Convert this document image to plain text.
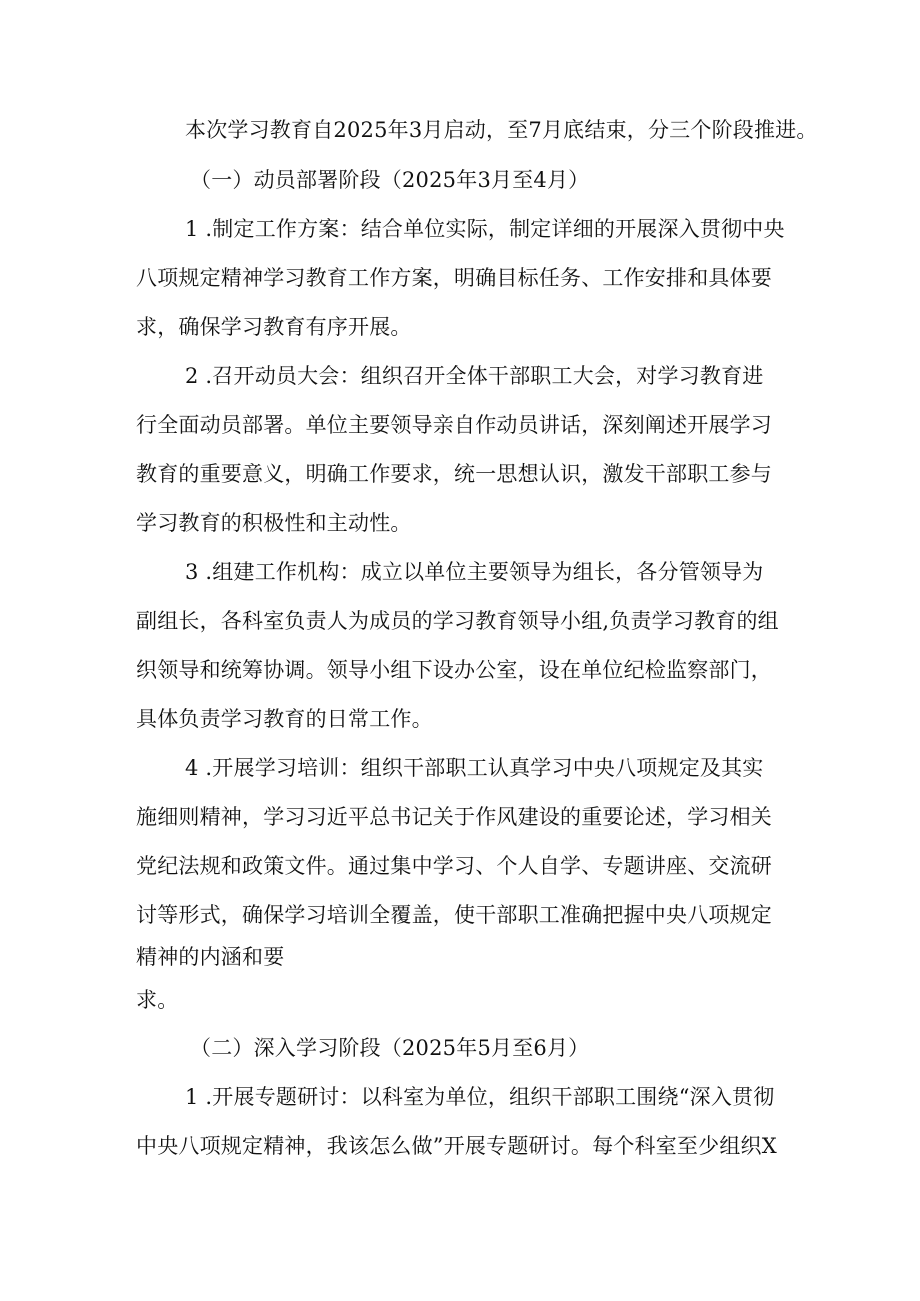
本次学习教育自2025年3月启动，至7月底结束，分三个阶段推进。
（一）动员部署阶段（2025年3月至4月）
1 .制定工作方案：结合单位实际，制定详细的开展深入贯彻中央
八项规定精神学习教育工作方案，明确目标任务、工作安排和具体要
求，确保学习教育有序开展。
2 .召开动员大会：组织召开全体干部职工大会，对学习教育进
行全面动员部署。单位主要领导亲自作动员讲话，深刻阐述开展学习
教育的重要意义，明确工作要求，统一思想认识，激发干部职工参与
学习教育的积极性和主动性。
3 .组建工作机构：成立以单位主要领导为组长，各分管领导为
副组长，各科室负责人为成员的学习教育领导小组,负责学习教育的组
织领导和统筹协调。领导小组下设办公室，设在单位纪检监察部门，
具体负责学习教育的日常工作。
4 .开展学习培训：组织干部职工认真学习中央八项规定及其实
施细则精神，学习习近平总书记关于作风建设的重要论述，学习相关
党纪法规和政策文件。通过集中学习、个人自学、专题讲座、交流研
讨等形式，确保学习培训全覆盖，使干部职工准确把握中央八项规定
精神的内涵和要
求。
（二）深入学习阶段（2025年5月至6月）
1 .开展专题研讨：以科室为单位，组织干部职工围绕“深入贯彻
中央八项规定精神，我该怎么做”开展专题研讨。每个科室至少组织X
